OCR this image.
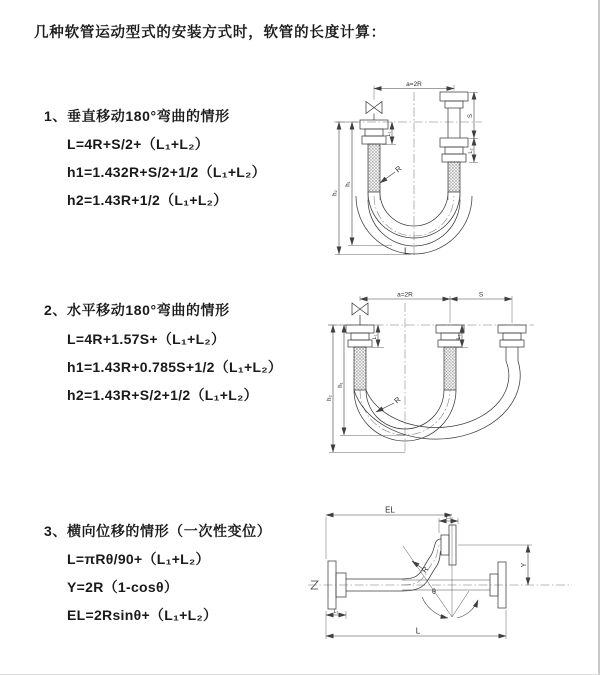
几种软管运动型式的安装方式时，软管的长度计算：
1、垂直移动180°弯曲的情形
L=4R+S/2+（L₁+L₂）
h1=1.432R+S/2+1/2（L₁+L₂）
h2=1.43R+1/2（L₁+L₂）
a=2R
h₁
h₂
L₁
S
L₂
R
L
2、水平移动180°弯曲的情形
L=4R+1.57S+（L₁+L₂）
h1=1.43R+0.785S+1/2（L₁+L₂）
h2=1.43R+S/2+1/2（L₁+L₂）
a=2R	S
h₁
h₂
L₁	L₂
R
3、横向位移的情形（一次性变位）
L=πRθ/90+（L₁+L₂）
Y=2R（1-cosθ）
EL=2Rsinθ+（L₁+L₂）
θ
EL
L
Y
L₂
L₁
R
